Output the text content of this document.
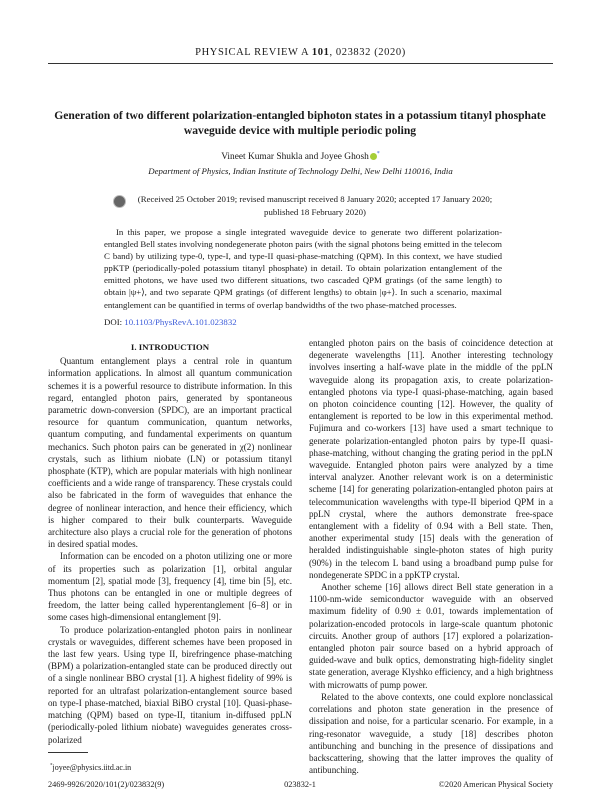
PHYSICAL REVIEW A 101, 023832 (2020)
Generation of two different polarization-entangled biphoton states in a potassium titanyl phosphate waveguide device with multiple periodic poling
Vineet Kumar Shukla and Joyee Ghosh *
Department of Physics, Indian Institute of Technology Delhi, New Delhi 110016, India
(Received 25 October 2019; revised manuscript received 8 January 2020; accepted 17 January 2020; published 18 February 2020)
In this paper, we propose a single integrated waveguide device to generate two different polarization-entangled Bell states involving nondegenerate photon pairs (with the signal photons being emitted in the telecom C band) by utilizing type-0, type-I, and type-II quasi-phase-matching (QPM). In this context, we have studied ppKTP (periodically-poled potassium titanyl phosphate) in detail. To obtain polarization entanglement of the emitted photons, we have used two different situations, two cascaded QPM gratings (of the same length) to obtain |ψ+⟩, and two separate QPM gratings (of different lengths) to obtain |φ+⟩. In such a scenario, maximal entanglement can be quantified in terms of overlap bandwidths of the two phase-matched processes.
DOI: 10.1103/PhysRevA.101.023832

I. INTRODUCTION

Quantum entanglement plays a central role in quantum information applications. In almost all quantum communication schemes it is a powerful resource to distribute information. In this regard, entangled photon pairs, generated by spontaneous parametric down-conversion (SPDC), are an important practical resource for quantum communication, quantum networks, quantum computing, and fundamental experiments on quantum mechanics. Such photon pairs can be generated in χ(2) nonlinear crystals, such as lithium niobate (LN) or potassium titanyl phosphate (KTP), which are popular materials with high nonlinear coefficients and a wide range of transparency. These crystals could also be fabricated in the form of waveguides that enhance the degree of nonlinear interaction, and hence their efficiency, which is higher compared to their bulk counterparts. Waveguide architecture also plays a crucial role for the generation of photons in desired spatial modes.

Information can be encoded on a photon utilizing one or more of its properties such as polarization [1], orbital angular momentum [2], spatial mode [3], frequency [4], time bin [5], etc. Thus photons can be entangled in one or multiple degrees of freedom, the latter being called hyperentanglement [6–8] or in some cases high-dimensional entanglement [9].

To produce polarization-entangled photon pairs in nonlinear crystals or waveguides, different schemes have been proposed in the last few years. Using type II, birefringence phase-matching (BPM) a polarization-entangled state can be produced directly out of a single nonlinear BBO crystal [1]. A highest fidelity of 99% is reported for an ultrafast polarization-entanglement source based on type-I phase-matched, biaxial BiBO crystal [10]. Quasi-phase-matching (QPM) based on type-II, titanium in-diffused ppLN (periodically-poled lithium niobate) waveguides generates cross-polarized

entangled photon pairs on the basis of coincidence detection at degenerate wavelengths [11]. Another interesting technology involves inserting a half-wave plate in the middle of the ppLN waveguide along its propagation axis, to create polarization-entangled photons via type-I quasi-phase-matching, again based on photon coincidence counting [12]. However, the quality of entanglement is reported to be low in this experimental method. Fujimura and co-workers [13] have used a smart technique to generate polarization-entangled photon pairs by type-II quasi-phase-matching, without changing the grating period in the ppLN waveguide. Entangled photon pairs were analyzed by a time interval analyzer. Another relevant work is on a deterministic scheme [14] for generating polarization-entangled photon pairs at telecommunication wavelengths with type-II biperiod QPM in a ppLN crystal, where the authors demonstrate free-space entanglement with a fidelity of 0.94 with a Bell state. Then, another experimental study [15] deals with the generation of heralded indistinguishable single-photon states of high purity (90%) in the telecom L band using a broadband pump pulse for nondegenerate SPDC in a ppKTP crystal.

Another scheme [16] allows direct Bell state generation in a 1100-nm-wide semiconductor waveguide with an observed maximum fidelity of 0.90 ± 0.01, towards implementation of polarization-encoded protocols in large-scale quantum photonic circuits. Another group of authors [17] explored a polarization-entangled photon pair source based on a hybrid approach of guided-wave and bulk optics, demonstrating high-fidelity singlet state generation, average Klyshko efficiency, and a high brightness with microwatts of pump power.

Related to the above contexts, one could explore nonclassical correlations and photon state generation in the presence of dissipation and noise, for a particular scenario. For example, in a ring-resonator waveguide, a study [18] describes photon antibunching and bunching in the presence of dissipations and backscattering, showing that the latter improves the quality of antibunching.

*joyee@physics.iitd.ac.in
2469-9926/2020/101(2)/023832(9)	023832-1	©2020 American Physical Society
